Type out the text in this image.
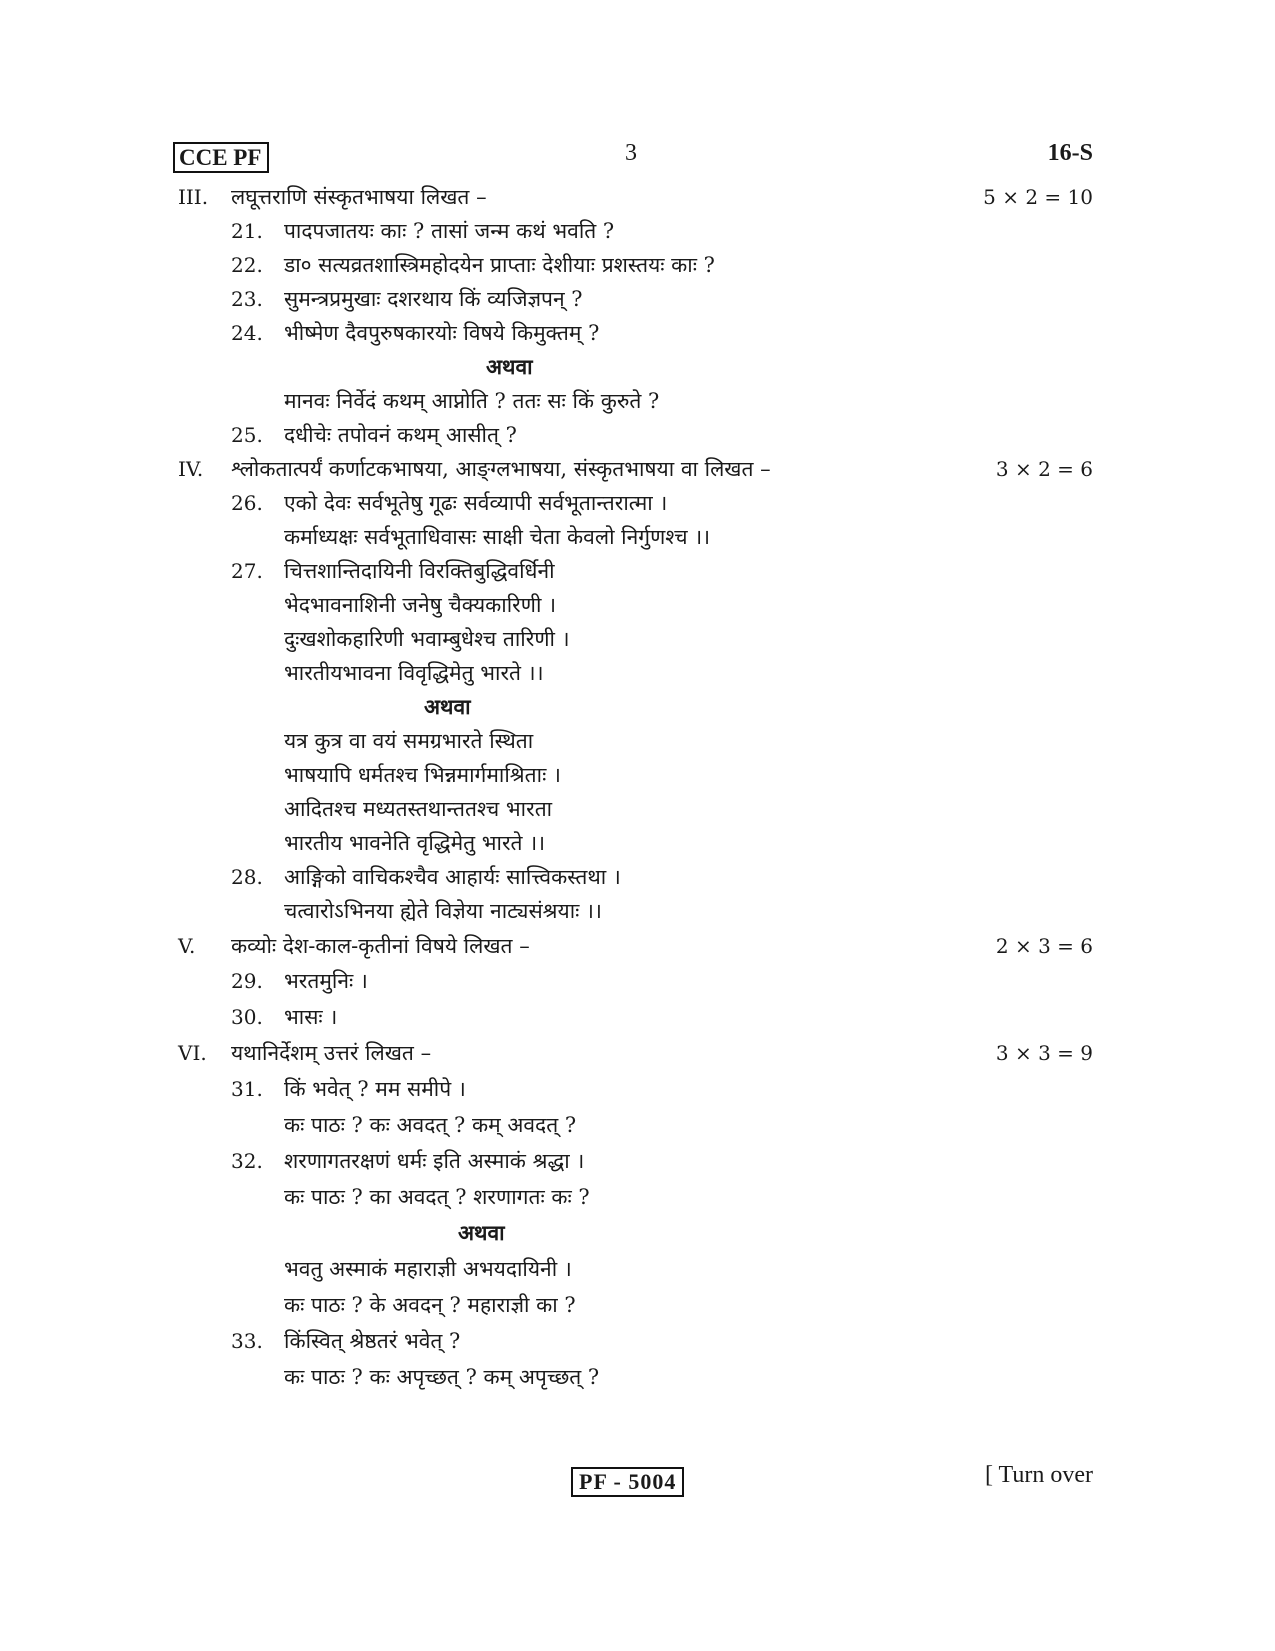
CCE PF	3	16-S
III. लघूत्तराणि संस्कृतभाषया लिखत –	5 × 2 = 10
21. पादपजातयः काः ? तासां जन्म कथं भवति ?
22. डा० सत्यव्रतशास्त्रिमहोदयेन प्राप्ताः देशीयाः प्रशस्तयः काः ?
23. सुमन्त्रप्रमुखाः दशरथाय किं व्यजिज्ञपन् ?
24. भीष्मेण दैवपुरुषकारयोः विषये किमुक्तम् ?
अथवा
मानवः निर्वेदं कथम् आप्नोति ? ततः सः किं कुरुते ?
25. दधीचेः तपोवनं कथम् आसीत् ?
IV. श्लोकतात्पर्यं कर्णाटकभाषया, आङ्ग्लभाषया, संस्कृतभाषया वा लिखत –	3 × 2 = 6
26. एको देवः सर्वभूतेषु गूढः सर्वव्यापी सर्वभूतान्तरात्मा ।
कर्माध्यक्षः सर्वभूताधिवासः साक्षी चेता केवलो निर्गुणश्च ।।
27. चित्तशान्तिदायिनी विरक्तिबुद्धिवर्धिनी
भेदभावनाशिनी जनेषु चैक्यकारिणी ।
दुःखशोकहारिणी भवाम्बुधेश्च तारिणी ।
भारतीयभावना विवृद्धिमेतु भारते ।।
अथवा
यत्र कुत्र वा वयं समग्रभारते स्थिता
भाषयापि धर्मतश्च भिन्नमार्गमाश्रिताः ।
आदितश्च मध्यतस्तथान्ततश्च भारता
भारतीय भावनेति वृद्धिमेतु भारते ।।
28. आङ्गिको वाचिकश्चैव आहार्यः सात्त्विकस्तथा ।
चत्वारोऽभिनया ह्येते विज्ञेया नाट्यसंश्रयाः ।।
V. कव्योः देश-काल-कृतीनां विषये लिखत –	2 × 3 = 6
29. भरतमुनिः ।
30. भासः ।
VI. यथानिर्देशम् उत्तरं लिखत –	3 × 3 = 9
31. किं भवेत् ? मम समीपे ।
कः पाठः ? कः अवदत् ? कम् अवदत् ?
32. शरणागतरक्षणं धर्मः इति अस्माकं श्रद्धा ।
कः पाठः ? का अवदत् ? शरणागतः कः ?
अथवा
भवतु अस्माकं महाराज्ञी अभयदायिनी ।
कः पाठः ? के अवदन् ? महाराज्ञी का ?
33. किंस्वित् श्रेष्ठतरं भवेत् ?
कः पाठः ? कः अपृच्छत् ? कम् अपृच्छत् ?
PF - 5004	[ Turn over
